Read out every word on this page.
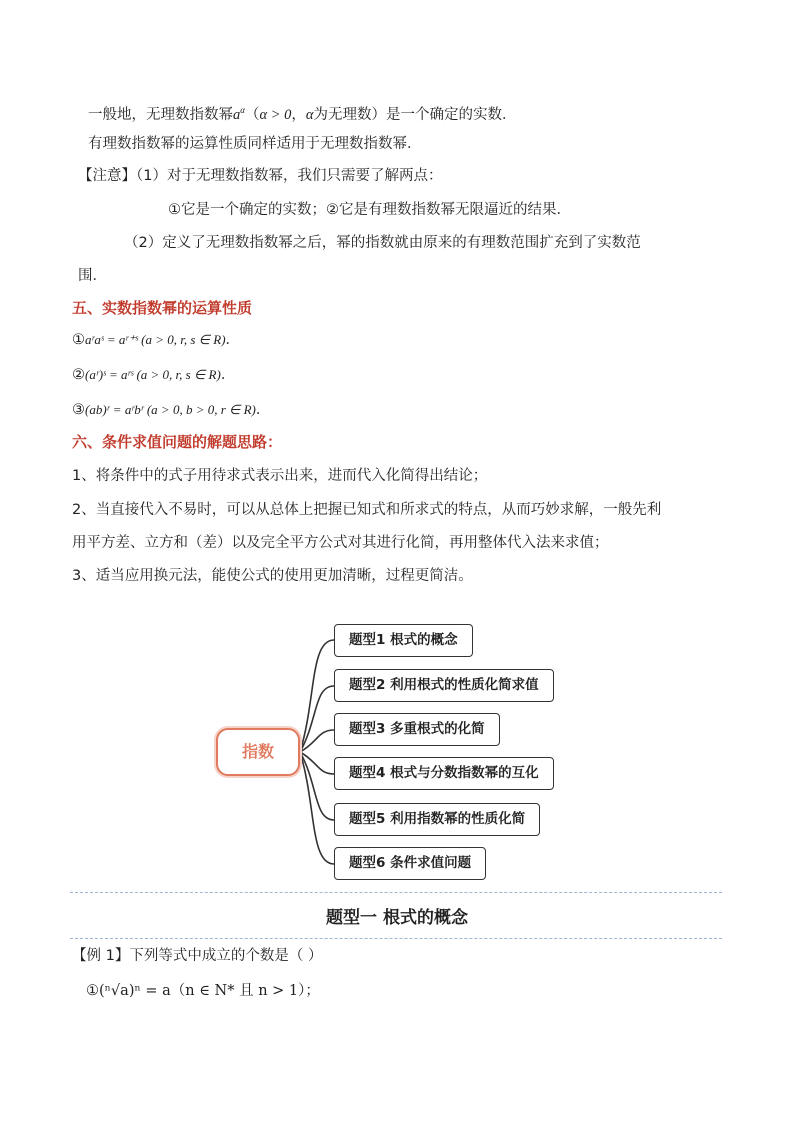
一般地，无理数指数幂$a^\alpha(\alpha > 0$，α为无理数）是一个确定的实数．
有理数指数幂的运算性质同样适用于无理数指数幂．
【注意】（1）对于无理数指数幂，我们只需要了解两点：
①它是一个确定的实数；②它是有理数指数幂无限逼近的结果．
（2）定义了无理数指数幂之后，幂的指数就由原来的有理数范围扩充到了实数范
围．
五、实数指数幂的运算性质
①aʳaˢ = aʳ⁺ˢ (a > 0, r, s ∈ R)．
②(aʳ)ˢ = aʳˢ (a > 0, r, s ∈ R)．
③(ab)ʳ = aʳbʳ (a > 0, b > 0, r ∈ R)．
六、条件求值问题的解题思路：
1、将条件中的式子用待求式表示出来，进而代入化简得出结论；
2、当直接代入不易时，可以从总体上把握已知式和所求式的特点，从而巧妙求解，一般先利
用平方差、立方和（差）以及完全平方公式对其进行化简，再用整体代入法来求值；
3、适当应用换元法，能使公式的使用更加清晰，过程更简洁。
指数
题型1 根式的概念
题型2 利用根式的性质化简求值
题型3 多重根式的化简
题型4 根式与分数指数幂的互化
题型5 利用指数幂的性质化简
题型6 条件求值问题
题型一 根式的概念
【例 1】下列等式中成立的个数是（ ）
①(ⁿ√a)ⁿ = a（n ∈ N* 且 n > 1）；
